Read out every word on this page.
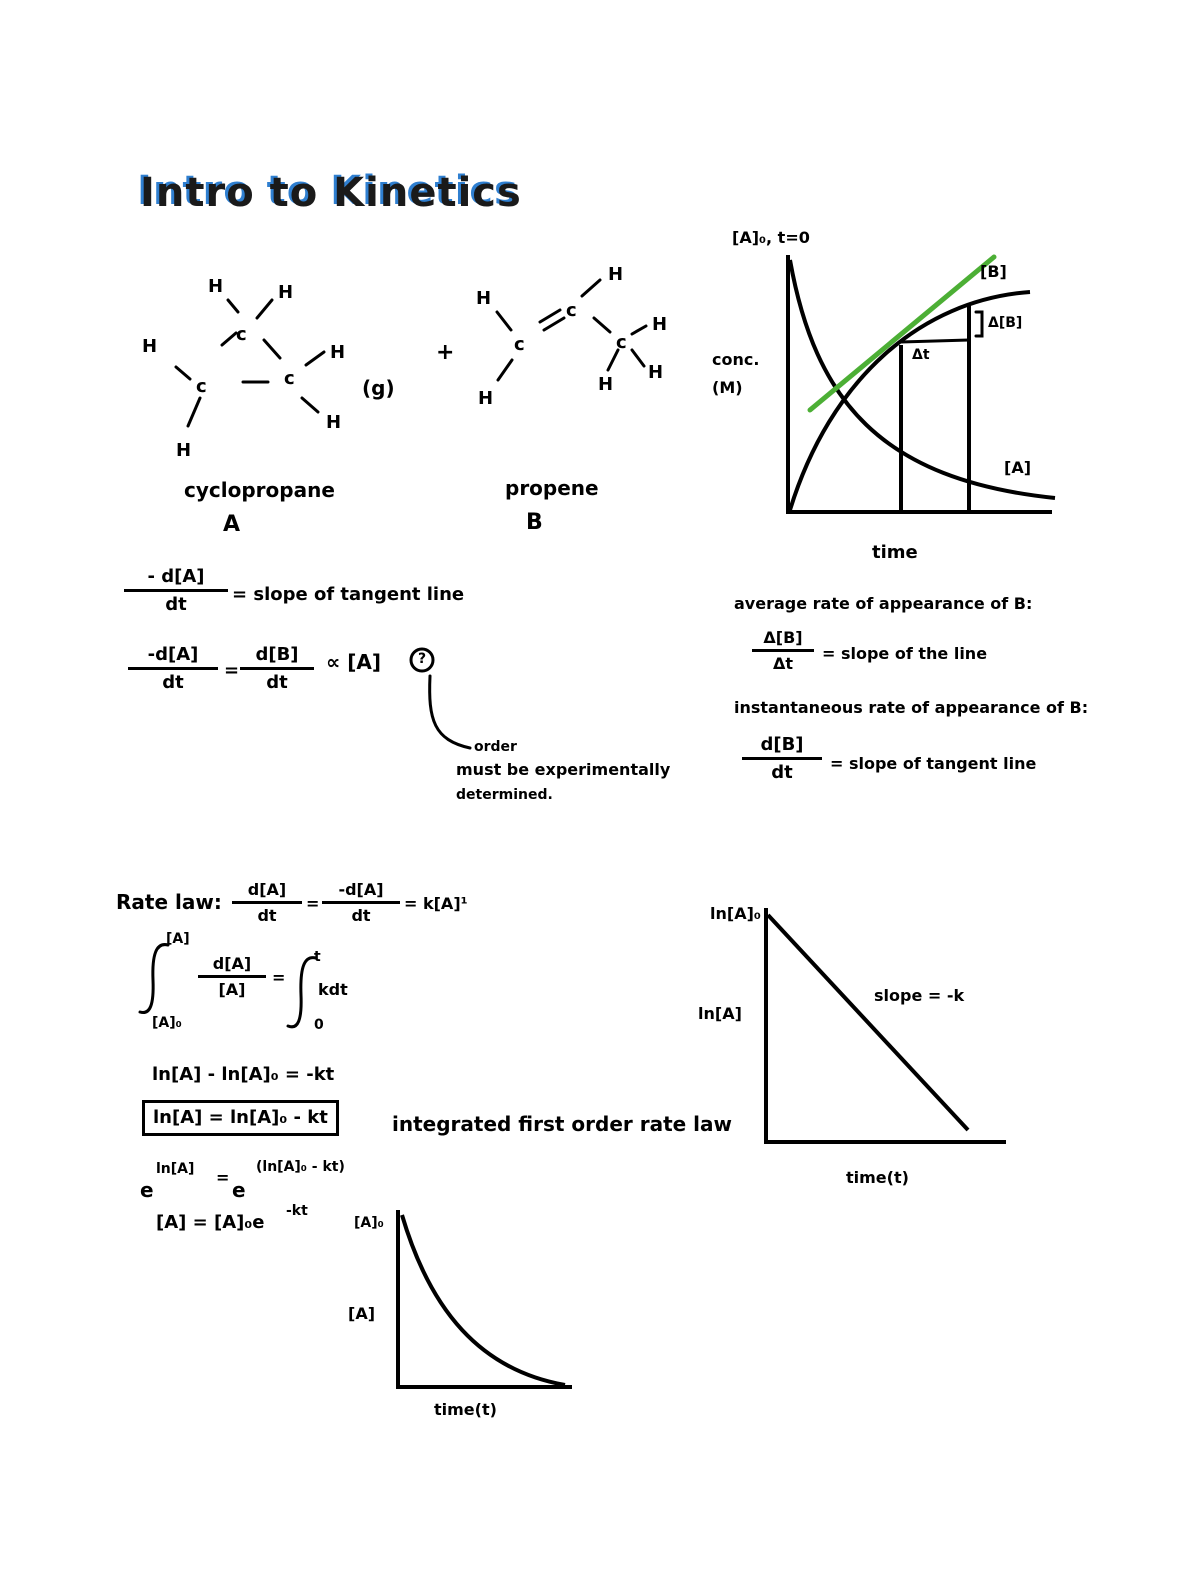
Intro to Kinetics
H	H
c
H
c	c
H
H
H
H
c
c
H
c
H
H
H
H
(g)
+
cyclopropane
A
propene
B
$\frac{- d[A]}{dt}$ = slope of tangent line
$\frac{-d[A]}{dt} = \frac{d[B]}{dt} \propto [A]$	?
order
must be experimentally
determined.
[A]₀, t=0
conc.
(M)
time
[B]
[A]
Δ[B]
Δt
average rate of appearance of B:
$\frac{\Delta[B]}{\Delta t}$ = slope of the line
instantaneous rate of appearance of B:
$\frac{d[B]}{dt}$ = slope of tangent line
Rate law: $\frac{d[A]}{dt} = \frac{-d[A]}{dt} = k[A]^1$
[A]
[A]₀
$\frac{d[A]}{[A]}$ =
t
0
kdt
ln[A] - ln[A]₀ = -kt
ln[A] = ln[A]₀ - kt	integrated first order rate law
e
ln[A] =
e
(ln[A]₀ - kt)
[A] = [A]₀e
-kt
ln[A]₀
ln[A]
slope = -k
time(t)
[A]₀
[A]
time(t)
